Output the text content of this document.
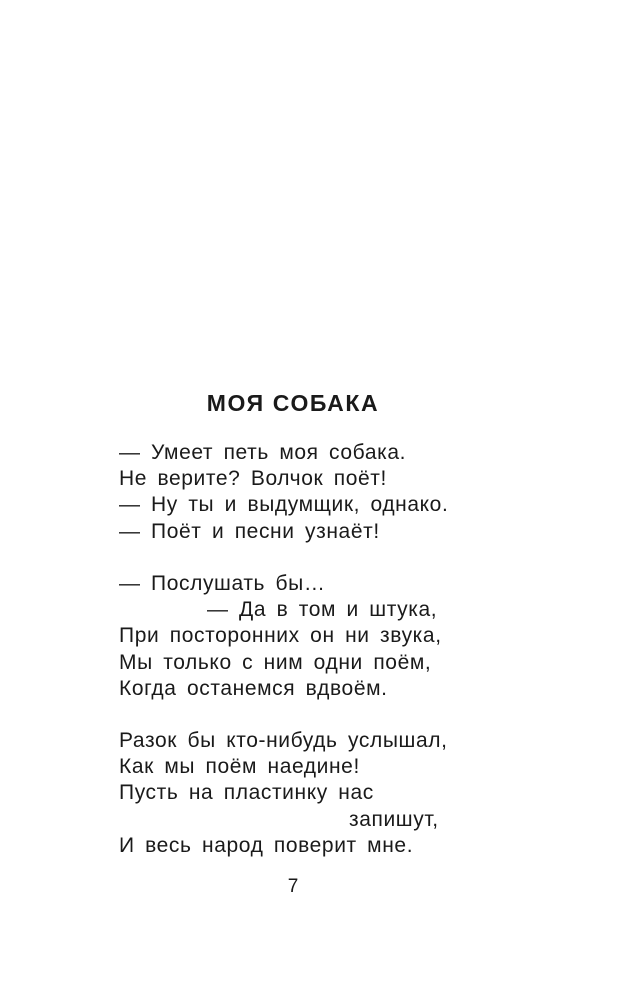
МОЯ СОБАКА
— Умеет петь моя собака.
Не верите? Волчок поёт!
— Ну ты и выдумщик, однако.
— Поёт и песни узнаёт!
— Послушать бы…
— Да в том и штука,
При посторонних он ни звука,
Мы только с ним одни поём,
Когда останемся вдвоём.
Разок бы кто-нибудь услышал,
Как мы поём наедине!
Пусть на пластинку нас
запишут,
И весь народ поверит мне.
7
